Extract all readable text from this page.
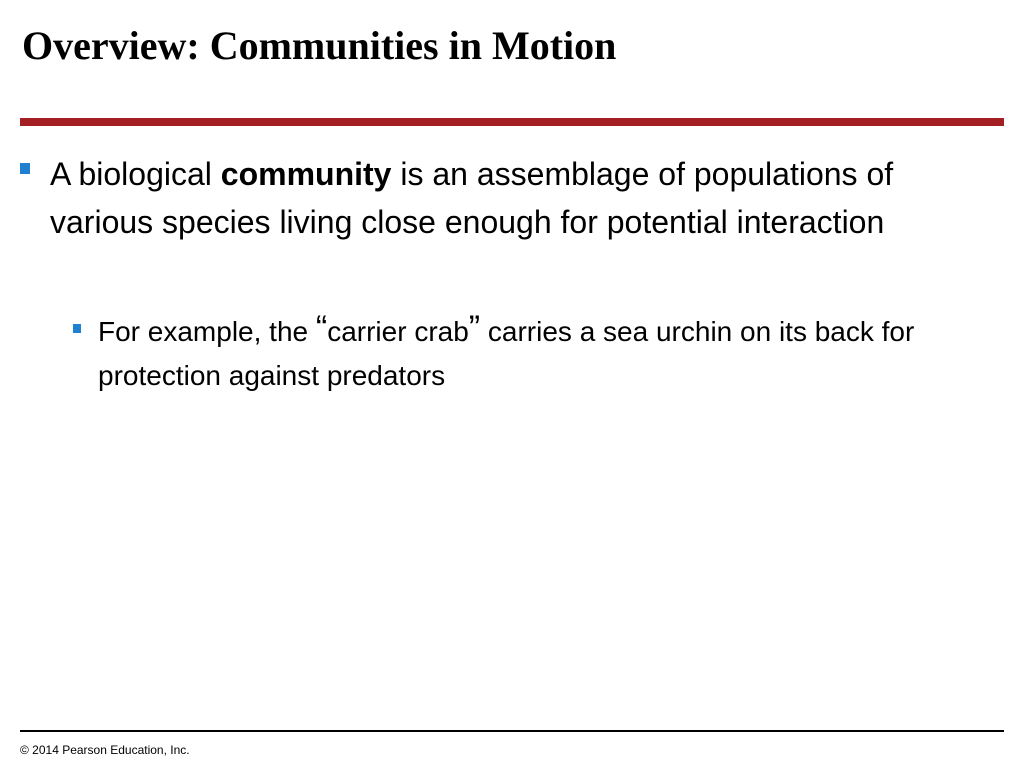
Overview: Communities in Motion
A biological community is an assemblage of populations of various species living close enough for potential interaction
For example, the “carrier crab” carries a sea urchin on its back for protection against predators
© 2014 Pearson Education, Inc.
